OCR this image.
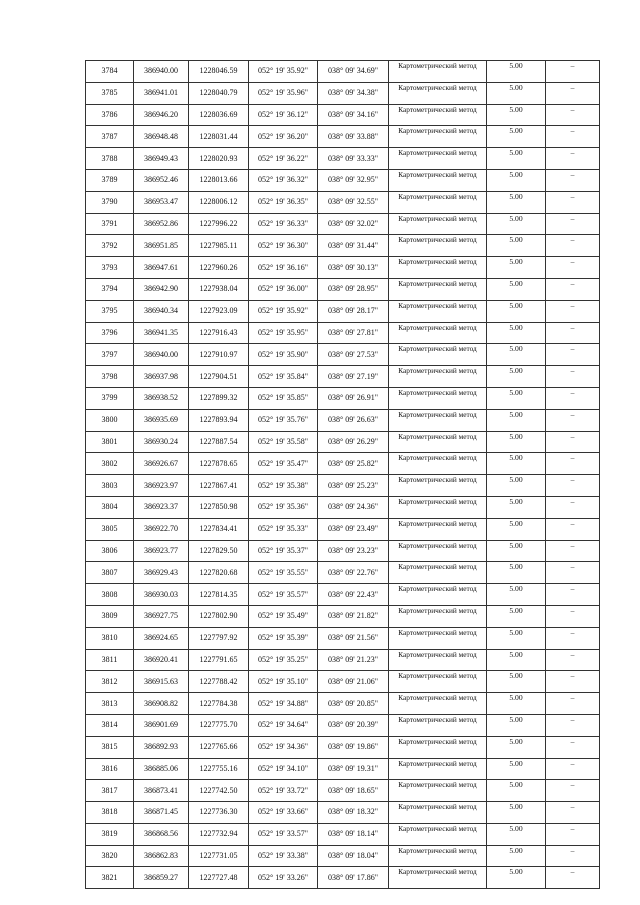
3784	386940.00	1228046.59	052° 19' 35.92"	038° 09' 34.69"	Картометрический метод	5.00	–
3785	386941.01	1228040.79	052° 19' 35.96"	038° 09' 34.38"	Картометрический метод	5.00	–
3786	386946.20	1228036.69	052° 19' 36.12"	038° 09' 34.16"	Картометрический метод	5.00	–
3787	386948.48	1228031.44	052° 19' 36.20"	038° 09' 33.88"	Картометрический метод	5.00	–
3788	386949.43	1228020.93	052° 19' 36.22"	038° 09' 33.33"	Картометрический метод	5.00	–
3789	386952.46	1228013.66	052° 19' 36.32"	038° 09' 32.95"	Картометрический метод	5.00	–
3790	386953.47	1228006.12	052° 19' 36.35"	038° 09' 32.55"	Картометрический метод	5.00	–
3791	386952.86	1227996.22	052° 19' 36.33"	038° 09' 32.02"	Картометрический метод	5.00	–
3792	386951.85	1227985.11	052° 19' 36.30"	038° 09' 31.44"	Картометрический метод	5.00	–
3793	386947.61	1227960.26	052° 19' 36.16"	038° 09' 30.13"	Картометрический метод	5.00	–
3794	386942.90	1227938.04	052° 19' 36.00"	038° 09' 28.95"	Картометрический метод	5.00	–
3795	386940.34	1227923.09	052° 19' 35.92"	038° 09' 28.17"	Картометрический метод	5.00	–
3796	386941.35	1227916.43	052° 19' 35.95"	038° 09' 27.81"	Картометрический метод	5.00	–
3797	386940.00	1227910.97	052° 19' 35.90"	038° 09' 27.53"	Картометрический метод	5.00	–
3798	386937.98	1227904.51	052° 19' 35.84"	038° 09' 27.19"	Картометрический метод	5.00	–
3799	386938.52	1227899.32	052° 19' 35.85"	038° 09' 26.91"	Картометрический метод	5.00	–
3800	386935.69	1227893.94	052° 19' 35.76"	038° 09' 26.63"	Картометрический метод	5.00	–
3801	386930.24	1227887.54	052° 19' 35.58"	038° 09' 26.29"	Картометрический метод	5.00	–
3802	386926.67	1227878.65	052° 19' 35.47"	038° 09' 25.82"	Картометрический метод	5.00	–
3803	386923.97	1227867.41	052° 19' 35.38"	038° 09' 25.23"	Картометрический метод	5.00	–
3804	386923.37	1227850.98	052° 19' 35.36"	038° 09' 24.36"	Картометрический метод	5.00	–
3805	386922.70	1227834.41	052° 19' 35.33"	038° 09' 23.49"	Картометрический метод	5.00	–
3806	386923.77	1227829.50	052° 19' 35.37"	038° 09' 23.23"	Картометрический метод	5.00	–
3807	386929.43	1227820.68	052° 19' 35.55"	038° 09' 22.76"	Картометрический метод	5.00	–
3808	386930.03	1227814.35	052° 19' 35.57"	038° 09' 22.43"	Картометрический метод	5.00	–
3809	386927.75	1227802.90	052° 19' 35.49"	038° 09' 21.82"	Картометрический метод	5.00	–
3810	386924.65	1227797.92	052° 19' 35.39"	038° 09' 21.56"	Картометрический метод	5.00	–
3811	386920.41	1227791.65	052° 19' 35.25"	038° 09' 21.23"	Картометрический метод	5.00	–
3812	386915.63	1227788.42	052° 19' 35.10"	038° 09' 21.06"	Картометрический метод	5.00	–
3813	386908.82	1227784.38	052° 19' 34.88"	038° 09' 20.85"	Картометрический метод	5.00	–
3814	386901.69	1227775.70	052° 19' 34.64"	038° 09' 20.39"	Картометрический метод	5.00	–
3815	386892.93	1227765.66	052° 19' 34.36"	038° 09' 19.86"	Картометрический метод	5.00	–
3816	386885.06	1227755.16	052° 19' 34.10"	038° 09' 19.31"	Картометрический метод	5.00	–
3817	386873.41	1227742.50	052° 19' 33.72"	038° 09' 18.65"	Картометрический метод	5.00	–
3818	386871.45	1227736.30	052° 19' 33.66"	038° 09' 18.32"	Картометрический метод	5.00	–
3819	386868.56	1227732.94	052° 19' 33.57"	038° 09' 18.14"	Картометрический метод	5.00	–
3820	386862.83	1227731.05	052° 19' 33.38"	038° 09' 18.04"	Картометрический метод	5.00	–
3821	386859.27	1227727.48	052° 19' 33.26"	038° 09' 17.86"	Картометрический метод	5.00	–
